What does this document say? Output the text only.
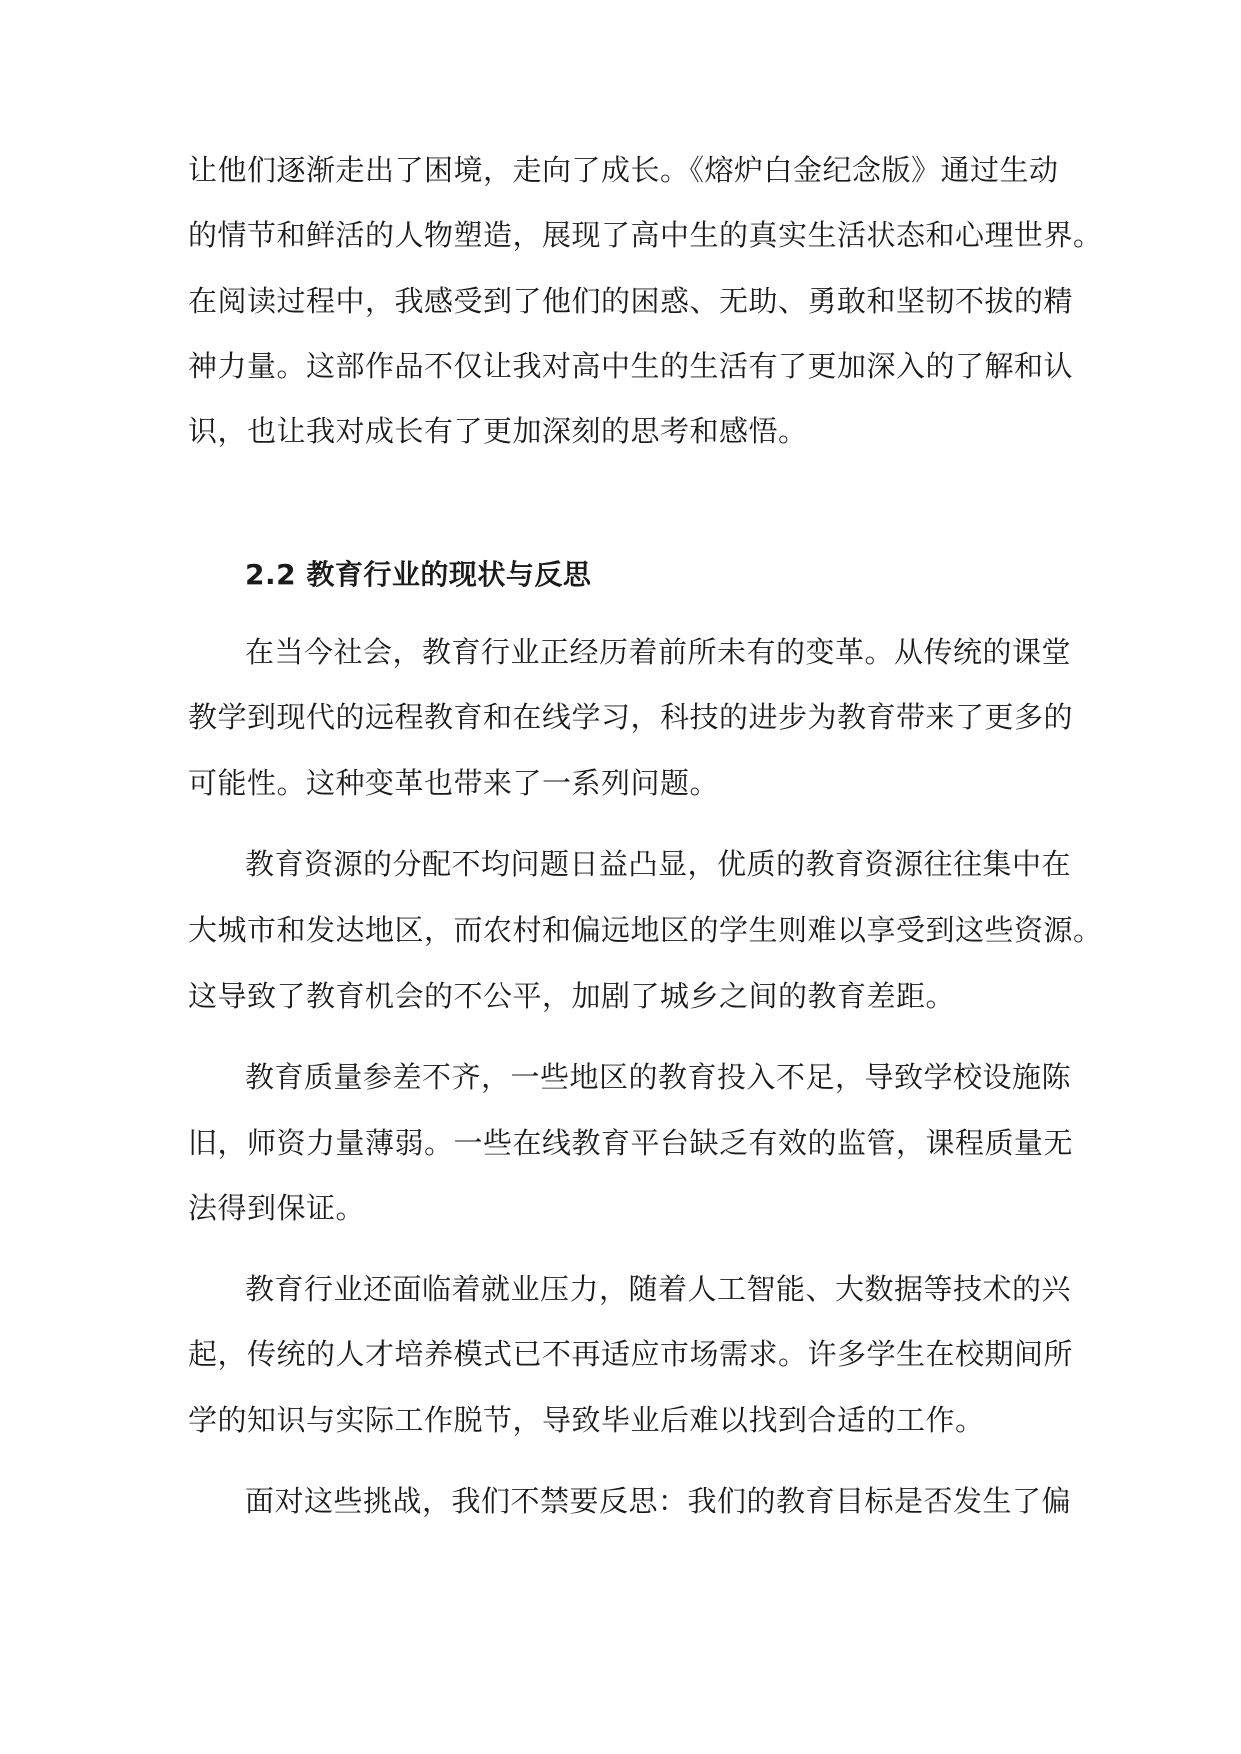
让他们逐渐走出了困境，走向了成长。《熔炉白金纪念版》通过生动

的情节和鲜活的人物塑造，展现了高中生的真实生活状态和心理世界。

在阅读过程中，我感受到了他们的困惑、无助、勇敢和坚韧不拔的精

神力量。这部作品不仅让我对高中生的生活有了更加深入的了解和认

识，也让我对成长有了更加深刻的思考和感悟。

2.2 教育行业的现状与反思

在当今社会，教育行业正经历着前所未有的变革。从传统的课堂

教学到现代的远程教育和在线学习，科技的进步为教育带来了更多的

可能性。这种变革也带来了一系列问题。

教育资源的分配不均问题日益凸显，优质的教育资源往往集中在

大城市和发达地区，而农村和偏远地区的学生则难以享受到这些资源。

这导致了教育机会的不公平，加剧了城乡之间的教育差距。

教育质量参差不齐，一些地区的教育投入不足，导致学校设施陈

旧，师资力量薄弱。一些在线教育平台缺乏有效的监管，课程质量无

法得到保证。

教育行业还面临着就业压力，随着人工智能、大数据等技术的兴

起，传统的人才培养模式已不再适应市场需求。许多学生在校期间所

学的知识与实际工作脱节，导致毕业后难以找到合适的工作。

面对这些挑战，我们不禁要反思：我们的教育目标是否发生了偏
